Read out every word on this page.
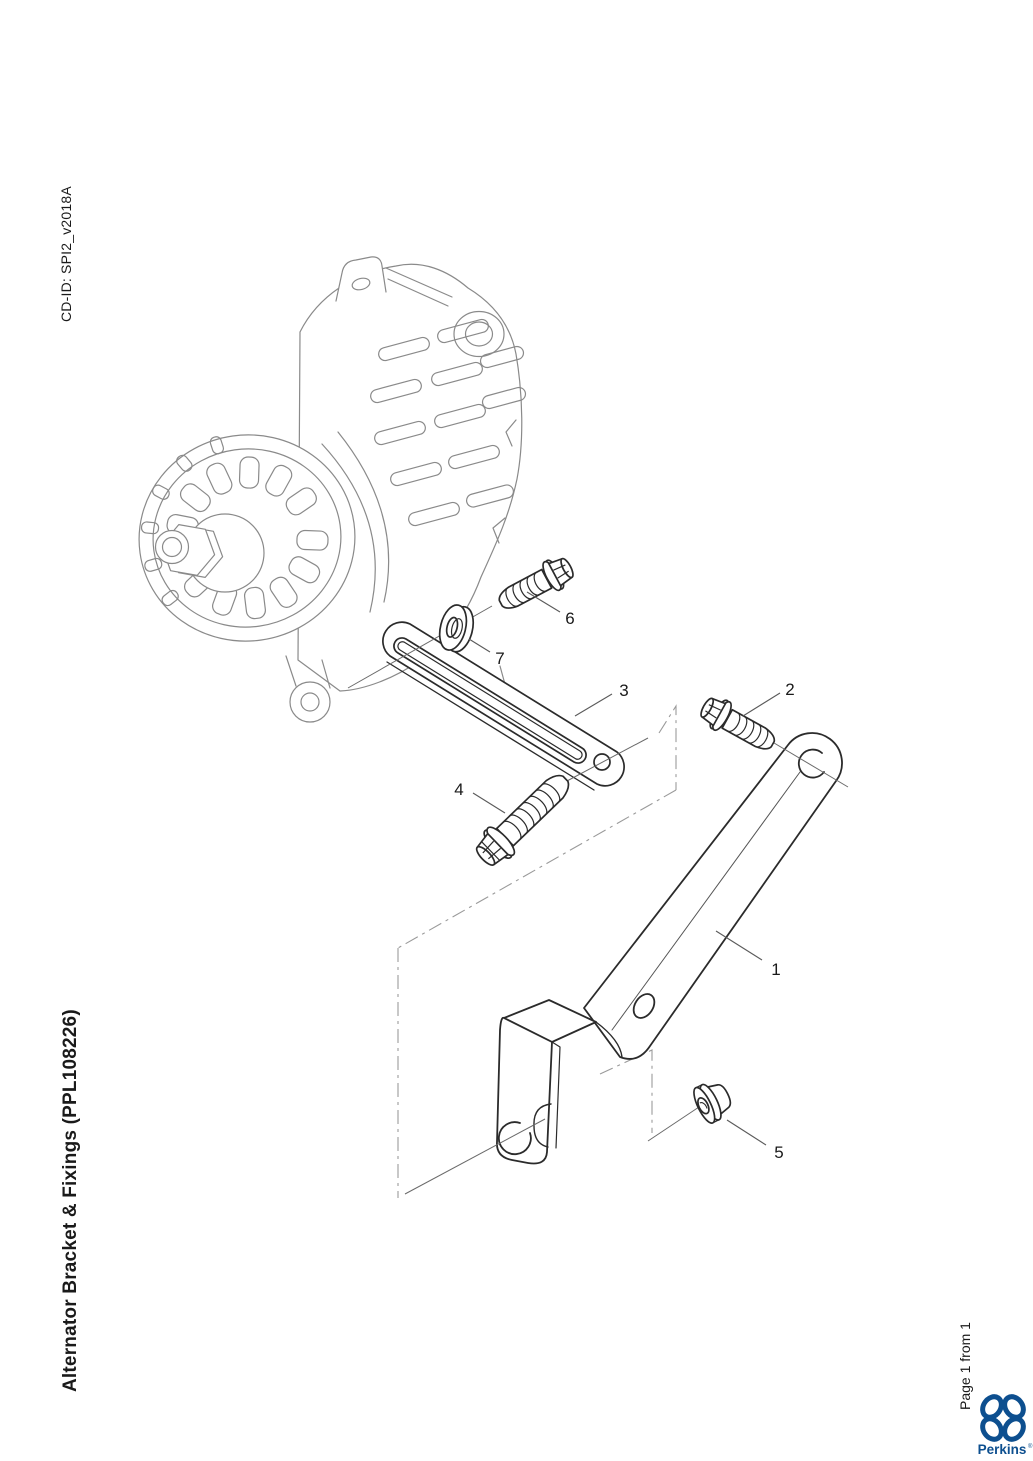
CD-ID: SPI2_v2018A
Alternator Bracket & Fixings (PPL108226)	Page 1 from 1
1
2
3
4
5
6
7
Perkins ®
